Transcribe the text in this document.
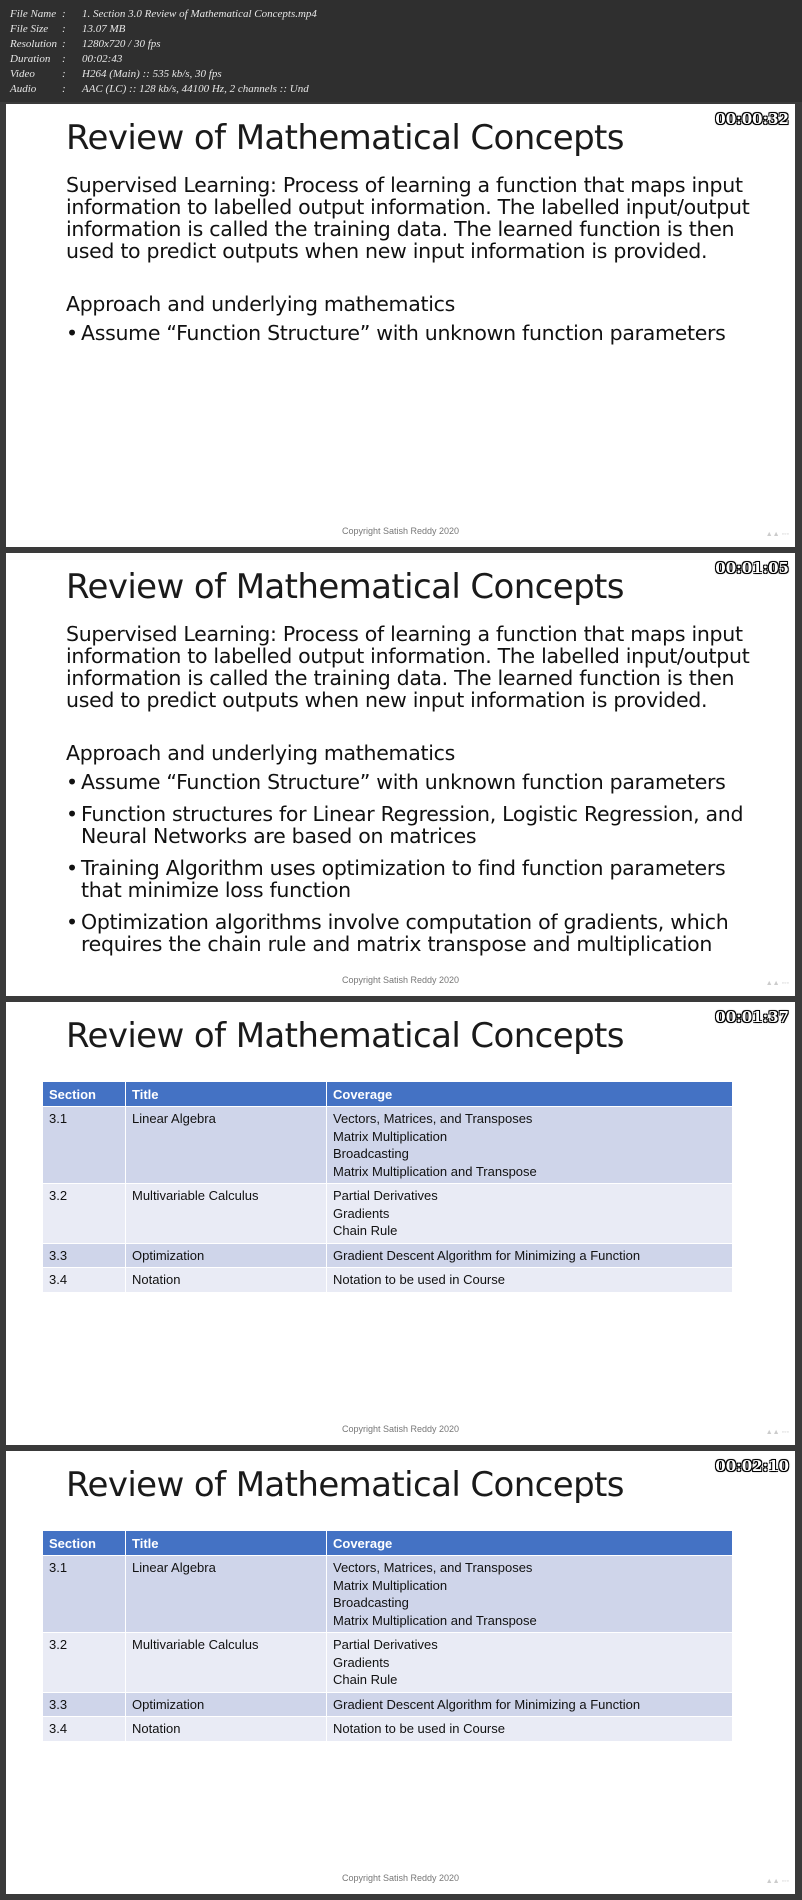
File Name : 1. Section 3.0 Review of Mathematical Concepts.mp4
File Size : 13.07 MB
Resolution : 1280x720 / 30 fps
Duration : 00:02:43
Video : H264 (Main) :: 535 kb/s, 30 fps
Audio : AAC (LC) :: 128 kb/s, 44100 Hz, 2 channels :: Und
00:00:32
Review of Mathematical Concepts
Supervised Learning: Process of learning a function that maps input information to labelled output information. The labelled input/output information is called the training data. The learned function is then used to predict outputs when new input information is provided.
Approach and underlying mathematics
• Assume “Function Structure” with unknown function parameters
Copyright Satish Reddy 2020	▲▲ ◦◦◦
00:01:05
Review of Mathematical Concepts
Supervised Learning: Process of learning a function that maps input information to labelled output information. The labelled input/output information is called the training data. The learned function is then used to predict outputs when new input information is provided.
Approach and underlying mathematics
• Assume “Function Structure” with unknown function parameters
• Function structures for Linear Regression, Logistic Regression, and Neural Networks are based on matrices
• Training Algorithm uses optimization to find function parameters that minimize loss function
• Optimization algorithms involve computation of gradients, which requires the chain rule and matrix transpose and multiplication
Copyright Satish Reddy 2020	▲▲ ◦◦◦
00:01:37
Review of Mathematical Concepts
Section	Title	Coverage
3.1	Linear Algebra	Vectors, Matrices, and Transposes
Matrix Multiplication
Broadcasting
Matrix Multiplication and Transpose

3.2	Multivariable Calculus	Partial Derivatives
Gradients
Chain Rule

3.3	Optimization	Gradient Descent Algorithm for Minimizing a Function

3.4	Notation	Notation to be used in Course
Copyright Satish Reddy 2020	▲▲ ◦◦◦
00:02:10
Review of Mathematical Concepts
Section	Title	Coverage
3.1	Linear Algebra	Vectors, Matrices, and Transposes
Matrix Multiplication
Broadcasting
Matrix Multiplication and Transpose

3.2	Multivariable Calculus	Partial Derivatives
Gradients
Chain Rule

3.3	Optimization	Gradient Descent Algorithm for Minimizing a Function

3.4	Notation	Notation to be used in Course
Copyright Satish Reddy 2020	▲▲ ◦◦◦
